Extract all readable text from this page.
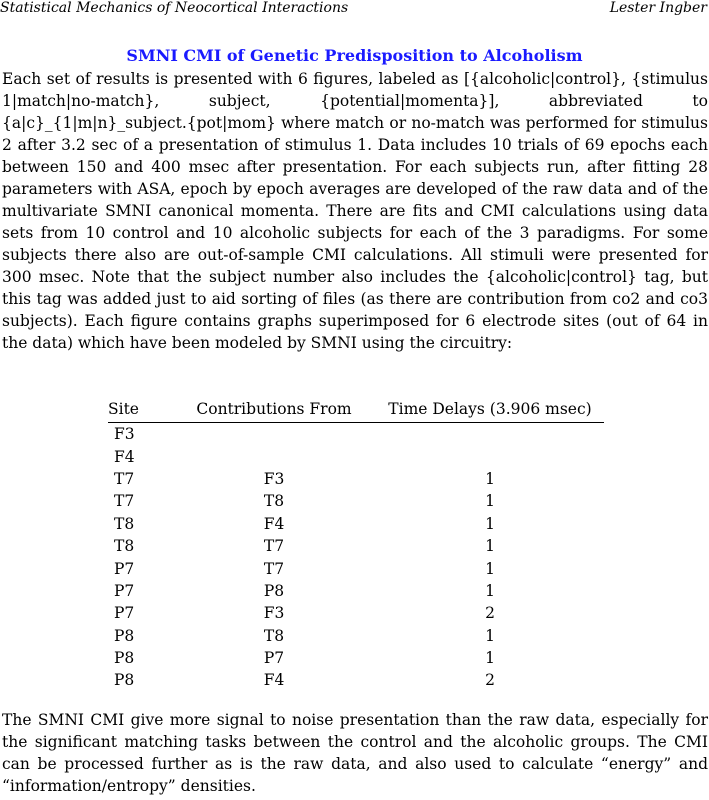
Statistical Mechanics of Neocortical Interactions	Lester Ingber
SMNI CMI of Genetic Predisposition to Alcoholism
Each set of results is presented with 6 figures, labeled as [{alcoholic|control}, {stimulus 1|match|no-match}, subject, {potential|momenta}], abbreviated to {a|c}_{1|m|n}_subject.{pot|mom} where match or no-match was performed for stimulus 2 after 3.2 sec of a presentation of stimulus 1. Data includes 10 trials of 69 epochs each between 150 and 400 msec after presentation. For each subjects run, after fitting 28 parameters with ASA, epoch by epoch averages are developed of the raw data and of the multivariate SMNI canonical momenta. There are fits and CMI calculations using data sets from 10 control and 10 alcoholic subjects for each of the 3 paradigms. For some subjects there also are out-of-sample CMI calculations. All stimuli were presented for 300 msec. Note that the subject number also includes the {alcoholic|control} tag, but this tag was added just to aid sorting of files (as there are contribution from co2 and co3 subjects). Each figure contains graphs superimposed for 6 electrode sites (out of 64 in the data) which have been modeled by SMNI using the circuitry:
Site	Contributions From	Time Delays (3.906 msec)
F3		
F4		
T7	F3	1
T7	T8	1
T8	F4	1
T8	T7	1
P7	T7	1
P7	P8	1
P7	F3	2
P8	T8	1
P8	P7	1
P8	F4	2
The SMNI CMI give more signal to noise presentation than the raw data, especially for the significant matching tasks between the control and the alcoholic groups. The CMI can be processed further as is the raw data, and also used to calculate “energy” and “information/entropy” densities.
